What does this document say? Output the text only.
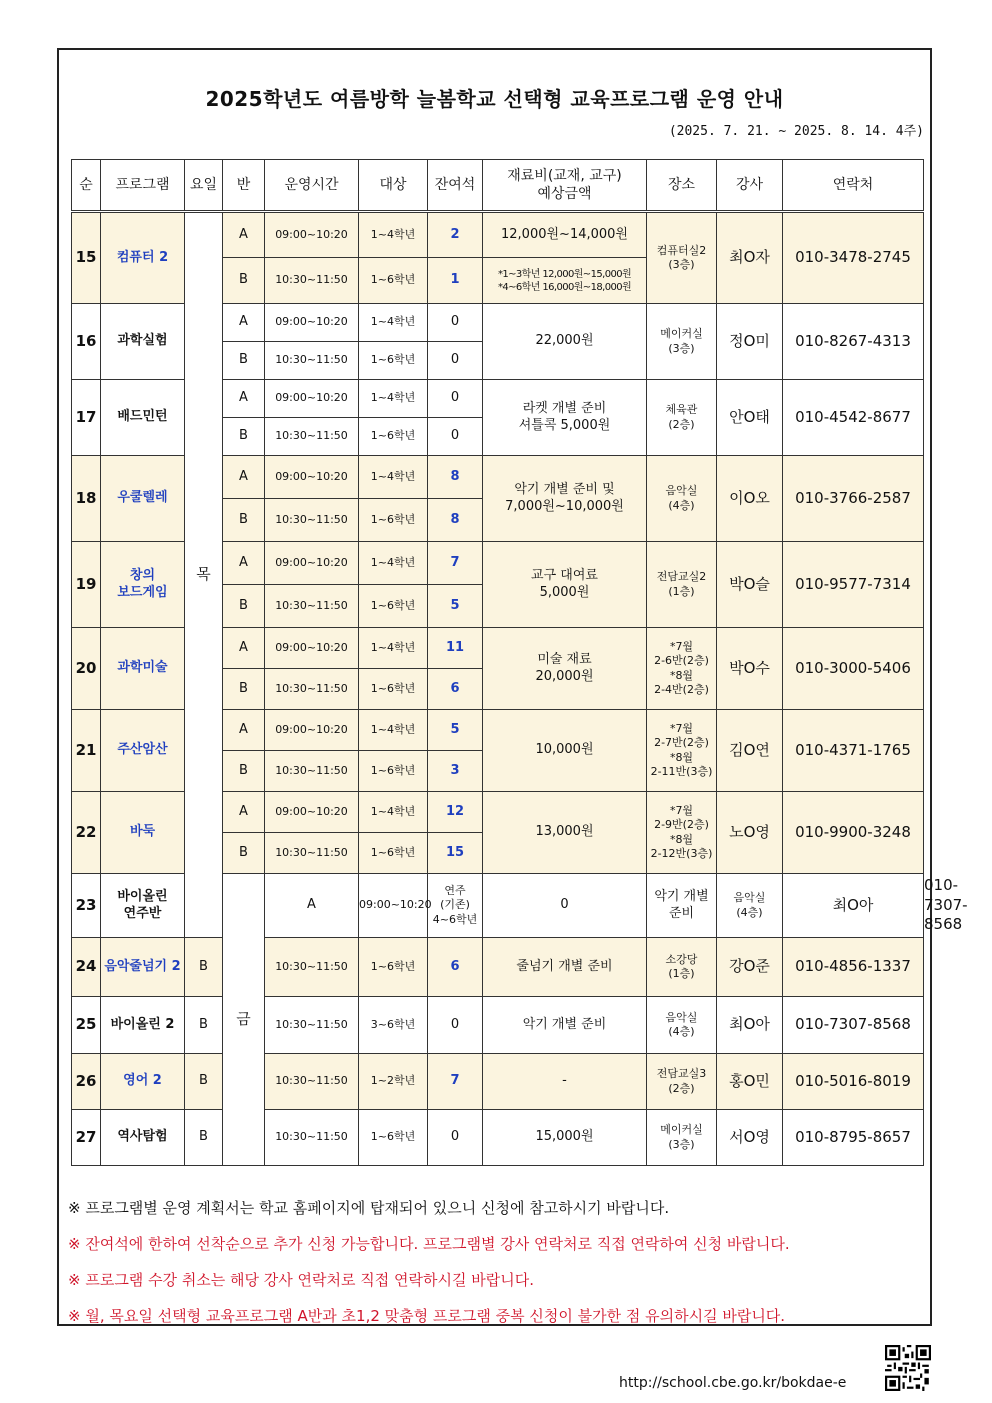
2025학년도 여름방학 늘봄학교 선택형 교육프로그램 운영 안내
(2025. 7. 21. ~ 2025. 8. 14. 4주)
순	프로그램	요일	반	운영시간	대상	잔여석	재료비(교재, 교구)
예상금액	장소	강사	연락처	
15	컴퓨터 2	목	A	09:00~10:20	1~4학년	2	12,000원~14,000원	컴퓨터실2
(3층)	최O자	010-3478-2745	
			B	10:30~11:50	1~6학년	1	*1~3학년 12,000원~15,000원
*4~6학년 16,000원~18,000원				

16	과학실험		A	09:00~10:20	1~4학년	0	22,000원	메이커실
(3층)	정O미	010-8267-4313	
			B	10:30~11:50	1~6학년	0					
17	배드민턴		A	09:00~10:20	1~4학년	0	라켓 개별 준비
셔틀콕 5,000원	체육관
(2층)	안O태	010-4542-8677	
			B	10:30~11:50	1~6학년	0					
18	우쿨렐레		A	09:00~10:20	1~4학년	8	악기 개별 준비 및
7,000원~10,000원	음악실
(4층)	이O오	010-3766-2587	
			B	10:30~11:50	1~6학년	8					
19	창의
보드게임		A	09:00~10:20	1~4학년	7	교구 대여료
5,000원	전담교실2
(1층)	박O슬	010-9577-7314	
			B	10:30~11:50	1~6학년	5					
20	과학미술		A	09:00~10:20	1~4학년	11	미술 재료
20,000원	*7월
2-6반(2층)
*8월
2-4반(2층)	박O수	010-3000-5406	
			B	10:30~11:50	1~6학년	6					
21	주산암산		A	09:00~10:20	1~4학년	5	10,000원	*7월
2-7반(2층)
*8월
2-11반(3층)	김O연	010-4371-1765	
			B	10:30~11:50	1~6학년	3					
22	바둑		A	09:00~10:20	1~4학년	12	13,000원	*7월
2-9반(2층)
*8월
2-12반(3층)	노O영	010-9900-3248	
			B	10:30~11:50	1~6학년	15					
23	바이올린
연주반		금	A	09:00~10:20	연주
(기존)
4~6학년	0	악기 개별 준비	음악실
(4층)	최O아	010-7307-8568
24	음악줄넘기 2	B		10:30~11:50	1~6학년	6	줄넘기 개별 준비	소강당
(1층)	강O준	010-4856-1337	
25	바이올린 2	B		10:30~11:50	3~6학년	0	악기 개별 준비	음악실
(4층)	최O아	010-7307-8568	
26	영어 2	B		10:30~11:50	1~2학년	7	-	전담교실3
(2층)	홍O민	010-5016-8019	
27	역사탐험	B		10:30~11:50	1~6학년	0	15,000원	메이커실
(3층)	서O영	010-8795-8657	
※ 프로그램별 운영 계획서는 학교 홈페이지에 탑재되어 있으니 신청에 참고하시기 바랍니다.
※ 잔여석에 한하여 선착순으로 추가 신청 가능합니다. 프로그램별 강사 연락처로 직접 연락하여 신청 바랍니다.
※ 프로그램 수강 취소는 해당 강사 연락처로 직접 연락하시길 바랍니다.
※ 월, 목요일 선택형 교육프로그램 A반과 초1,2 맞춤형 프로그램 중복 신청이 불가한 점 유의하시길 바랍니다.
http://school.cbe.go.kr/bokdae-e
